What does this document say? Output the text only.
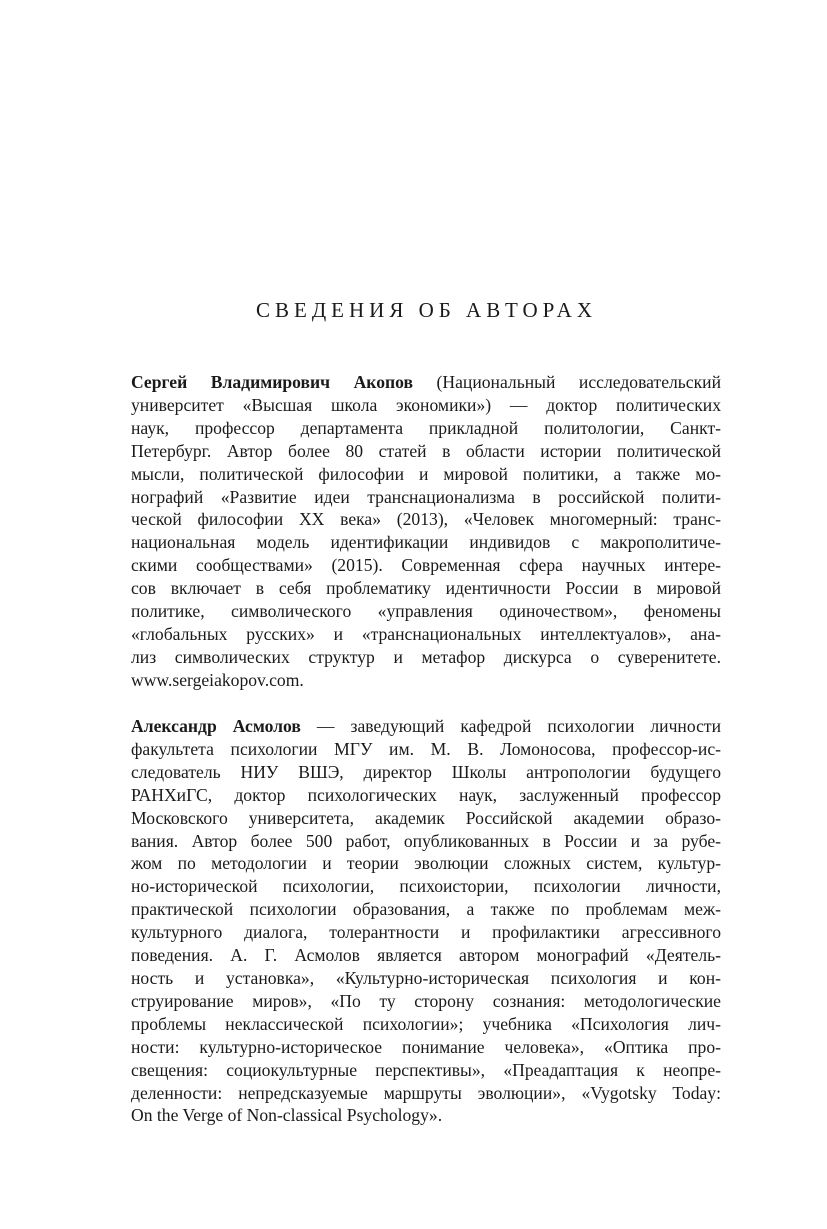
СВЕДЕНИЯ ОБ АВТОРАХ
Сергей Владимирович Акопов (Национальный исследовательский
университет «Высшая школа экономики») — доктор политических
наук, профессор департамента прикладной политологии, Санкт-
Петербург. Автор более 80 статей в области истории политической
мысли, политической философии и мировой политики, а также мо-
нографий «Развитие идеи транснационализма в российской полити-
ческой философии XX века» (2013), «Человек многомерный: транс-
национальная модель идентификации индивидов с макрополитиче-
скими сообществами» (2015). Современная сфера научных интере-
сов включает в себя проблематику идентичности России в мировой
политике, символического «управления одиночеством», феномены
«глобальных русских» и «транснациональных интеллектуалов», ана-
лиз символических структур и метафор дискурса о суверенитете.
www.sergeiakopov.com.
Александр Асмолов — заведующий кафедрой психологии личности
факультета психологии МГУ им. М. В. Ломоносова, профессор-ис-
следователь НИУ ВШЭ, директор Школы антропологии будущего
РАНХиГС, доктор психологических наук, заслуженный профессор
Московского университета, академик Российской академии образо-
вания. Автор более 500 работ, опубликованных в России и за рубе-
жом по методологии и теории эволюции сложных систем, культур-
но-исторической психологии, психоистории, психологии личности,
практической психологии образования, а также по проблемам меж-
культурного диалога, толерантности и профилактики агрессивного
поведения. А. Г. Асмолов является автором монографий «Деятель-
ность и установка», «Культурно-историческая психология и кон-
струирование миров», «По ту сторону сознания: методологические
проблемы неклассической психологии»; учебника «Психология лич-
ности: культурно-историческое понимание человека», «Оптика про-
свещения: социокультурные перспективы», «Преадаптация к неопре-
деленности: непредсказуемые маршруты эволюции», «Vygotsky Today:
On the Verge of Non-classical Psychology».
